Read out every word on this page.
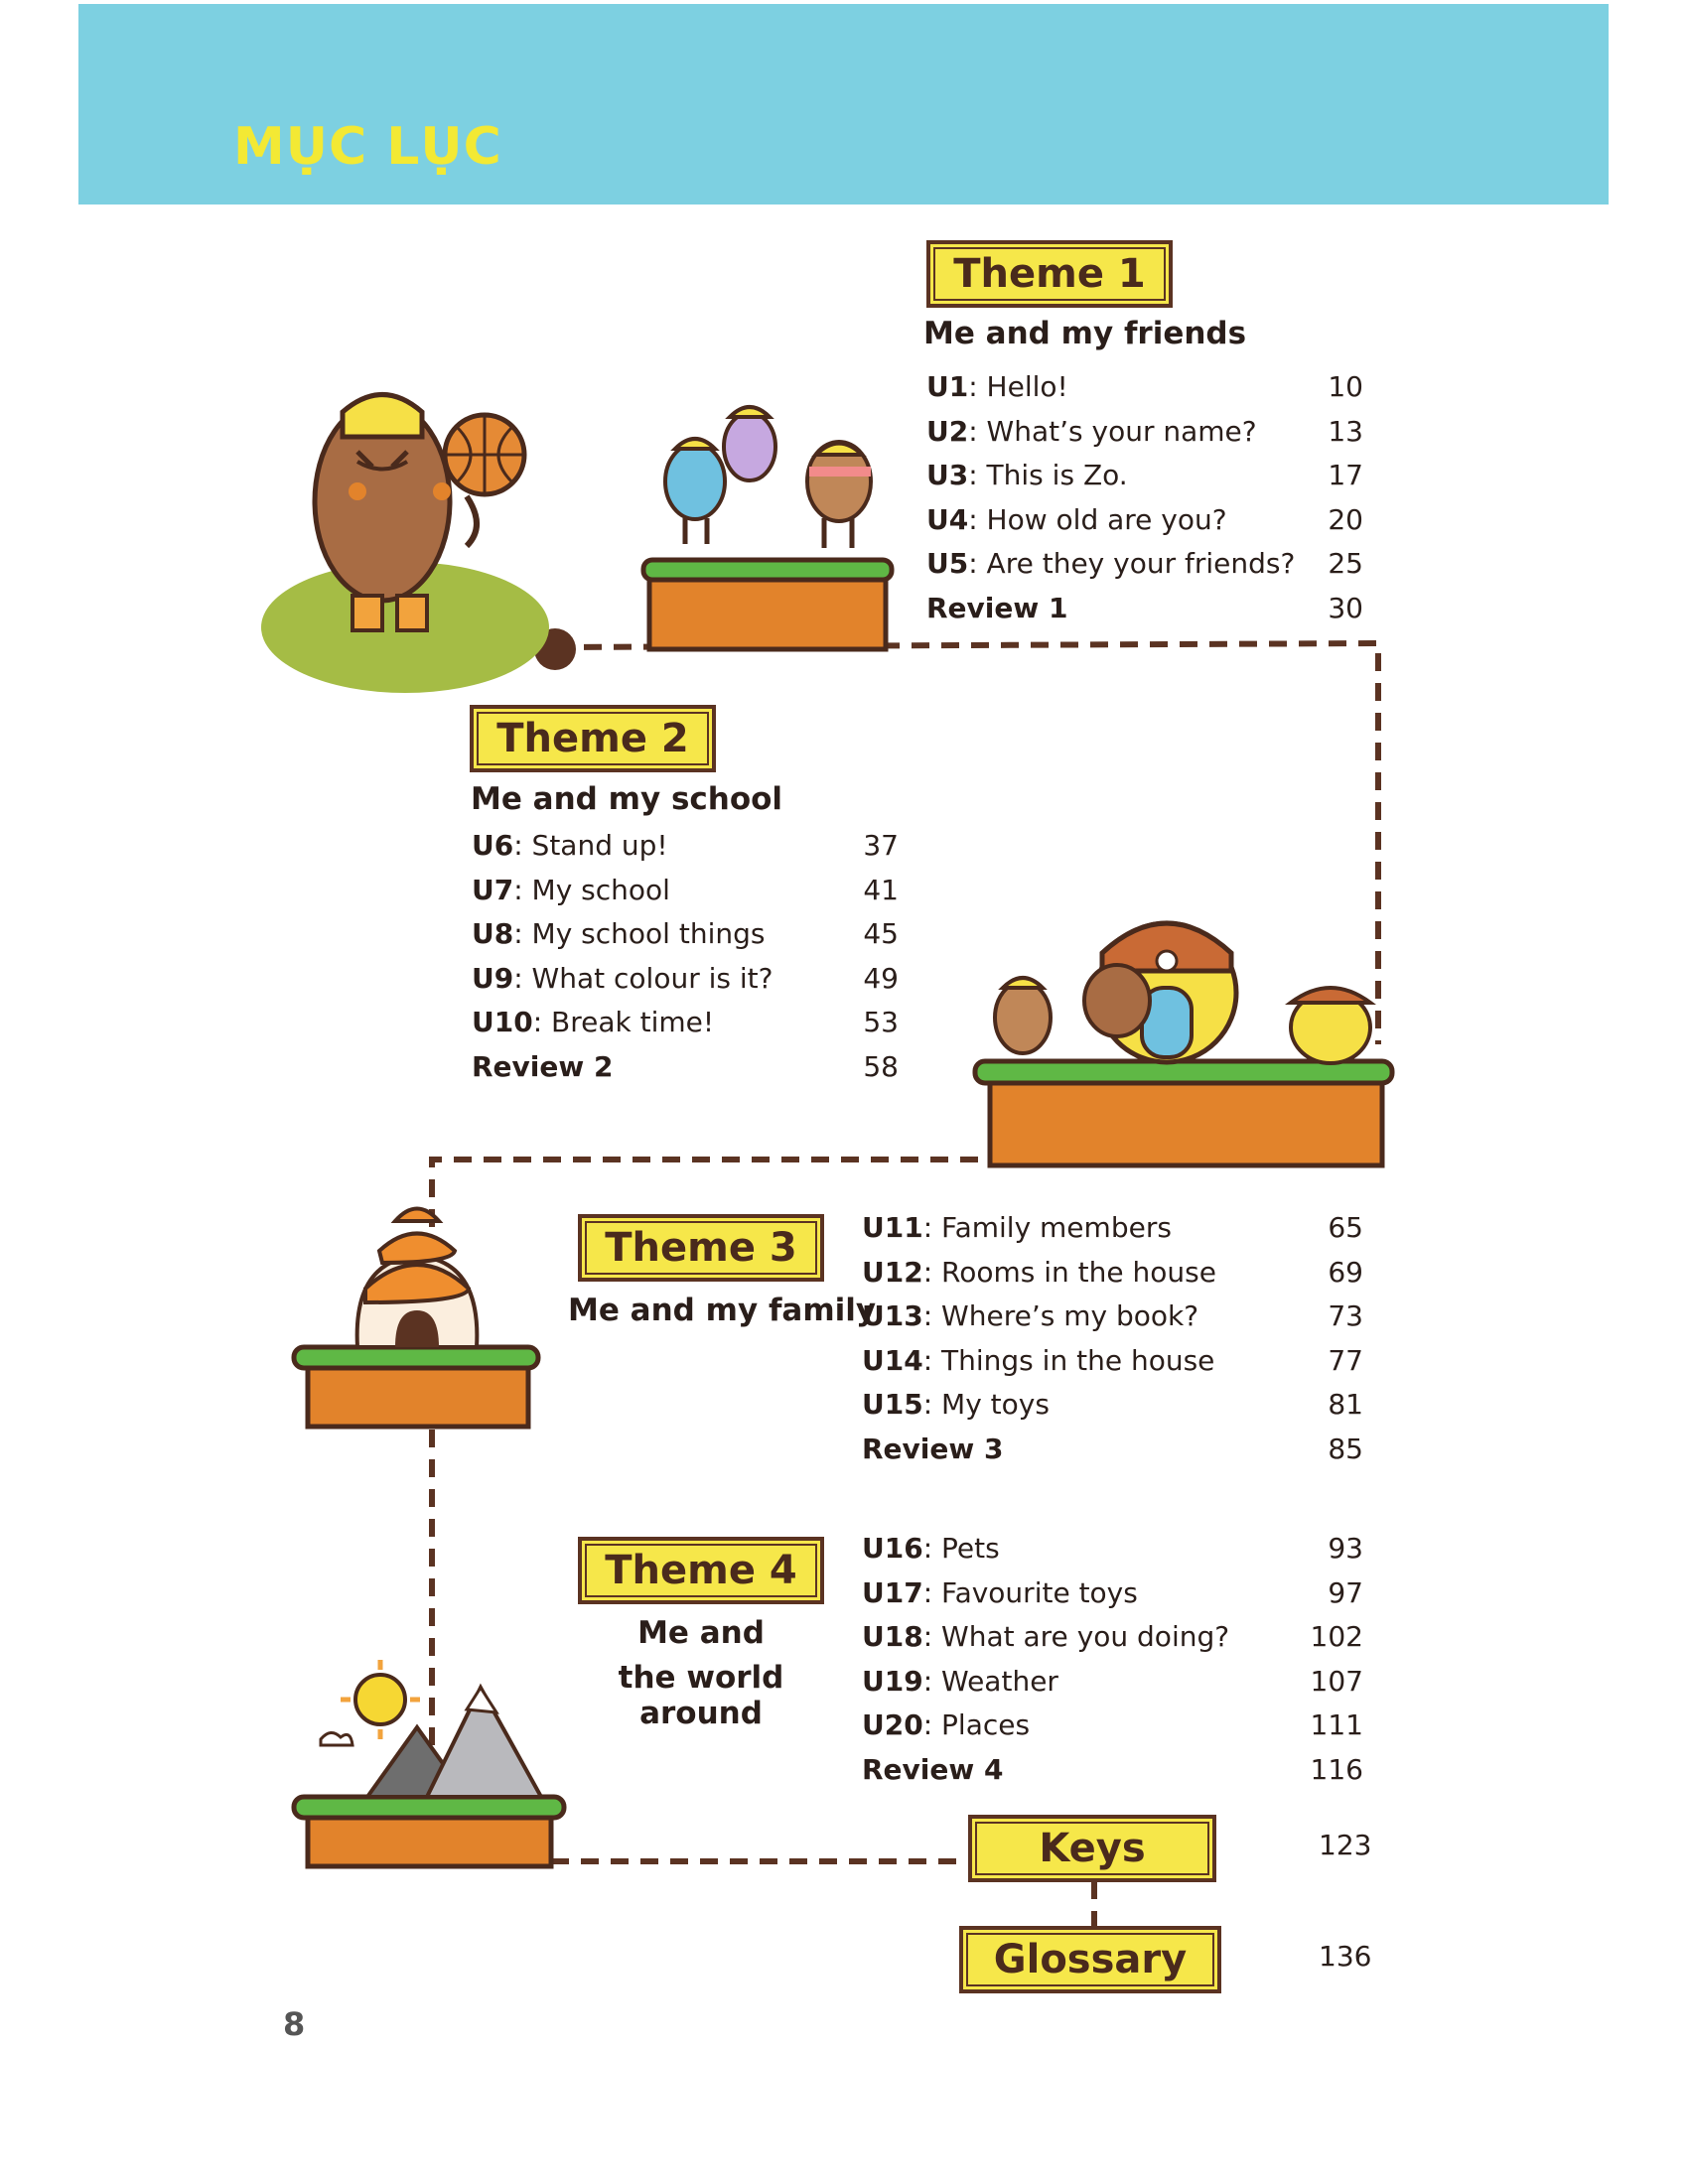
MỤC LỤC
Theme 1
Me and my friends
U1: Hello!	10
U2: What’s your name?	13
U3: This is Zo.	17
U4: How old are you?	20
U5: Are they your friends? 25
Review 1	30
Theme 2
Me and my school
U6: Stand up!	37
U7: My school	41
U8: My school things	45
U9: What colour is it?	49
U10: Break time!	53
Review 2	58
Theme 3
Me and my family
U11: Family members	65
U12: Rooms in the house	69
U13: Where’s my book?	73
U14: Things in the house	77
U15: My toys	81
Review 3	85
Theme 4
Me and
the world around
U16: Pets	93
U17: Favourite toys	97
U18: What are you doing?	102
U19: Weather	107
U20: Places	111
Review 4	116
Keys	123
Glossary	136
8
